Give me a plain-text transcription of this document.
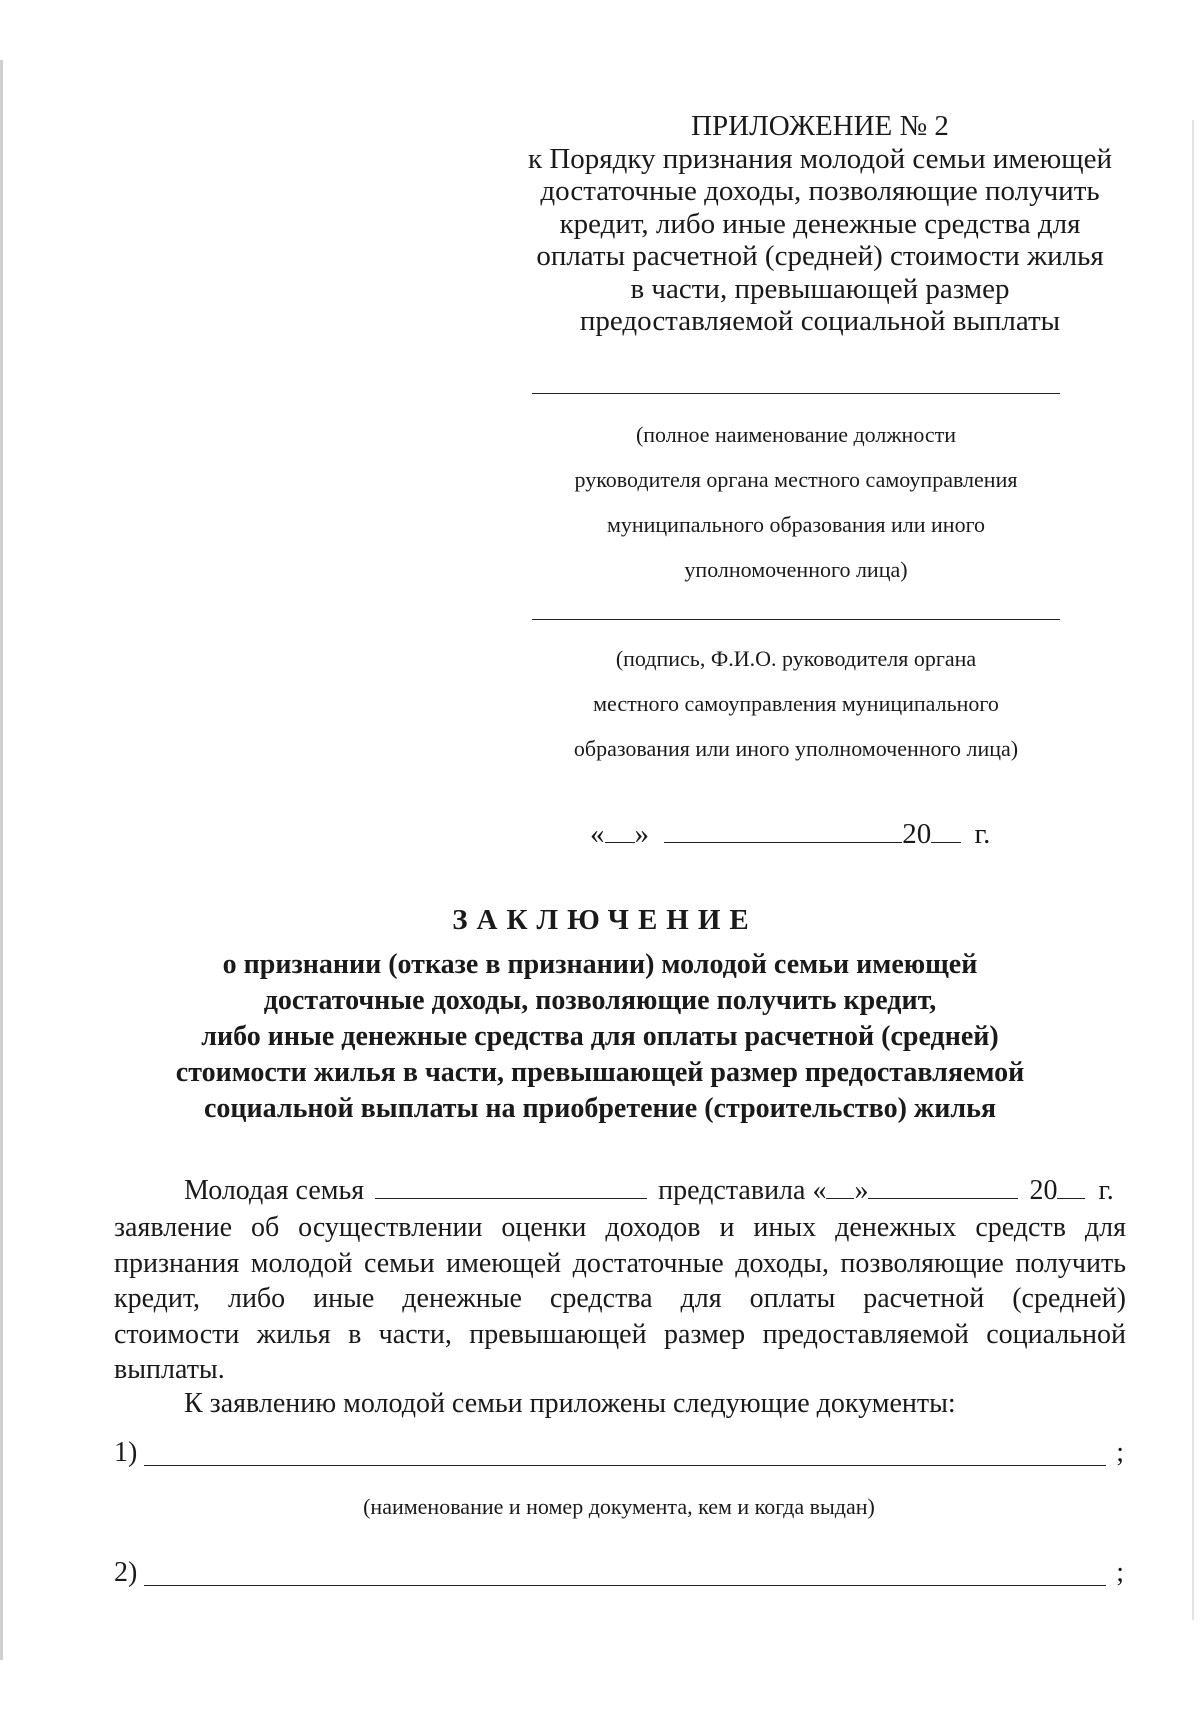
ПРИЛОЖЕНИЕ № 2
к Порядку признания молодой семьи имеющей
достаточные доходы, позволяющие получить
кредит, либо иные денежные средства для
оплаты расчетной (средней) стоимости жилья
в части, превышающей размер
предоставляемой социальной выплаты
(полное наименование должности
руководителя органа местного самоуправления
муниципального образования или иного
уполномоченного лица)
(подпись, Ф.И.О. руководителя органа
местного самоуправления муниципального
образования или иного уполномоченного лица)
« »	20 г.
ЗАКЛЮЧЕНИЕ
о признании (отказе в признании) молодой семьи имеющей
достаточные доходы, позволяющие получить кредит,
либо иные денежные средства для оплаты расчетной (средней)
стоимости жилья в части, превышающей размер предоставляемой
социальной выплаты на приобретение (строительство) жилья
Молодая семья	представила « »	20 г.
заявление об осуществлении оценки доходов и иных денежных средств для
признания молодой семьи имеющей достаточные доходы, позволяющие получить
кредит, либо иные денежные средства для оплаты расчетной (средней)
стоимости жилья в части, превышающей размер предоставляемой социальной
выплаты.
К заявлению молодой семьи приложены следующие документы:
1)	;
(наименование и номер документа, кем и когда выдан)
2)	;
